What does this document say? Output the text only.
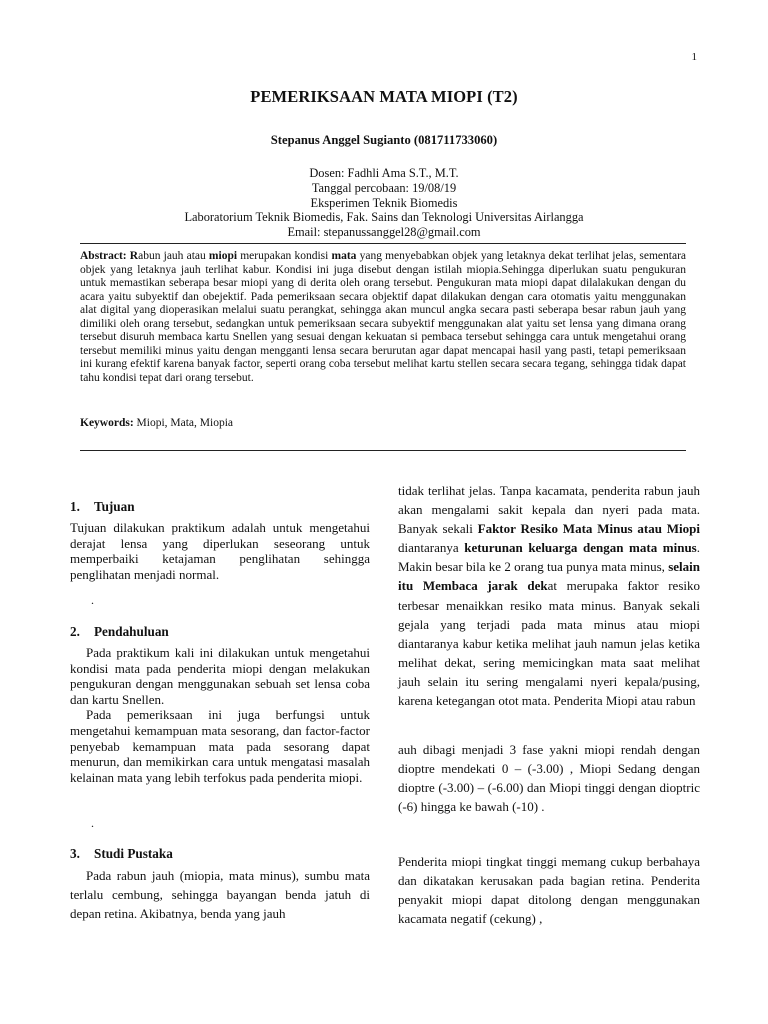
1
PEMERIKSAAN MATA MIOPI (T2)
Stepanus Anggel Sugianto (081711733060)
Dosen: Fadhli Ama S.T., M.T.
Tanggal percobaan: 19/08/19
Eksperimen Teknik Biomedis
Laboratorium Teknik Biomedis, Fak. Sains dan Teknologi Universitas Airlangga
Email: stepanussanggel28@gmail.com
Abstract: Rabun jauh atau miopi merupakan kondisi mata yang menyebabkan objek yang letaknya dekat terlihat jelas, sementara objek yang letaknya jauh terlihat kabur. Kondisi ini juga disebut dengan istilah miopia.Sehingga diperlukan suatu pengukuran untuk memastikan seberapa besar miopi yang di derita oleh orang tersebut. Pengukuran mata miopi dapat dilalakukan dengan du acara yaitu subyektif dan obejektif. Pada pemeriksaan secara objektif dapat dilakukan dengan cara otomatis yaitu menggunakan alat digital yang dioperasikan melalui suatu perangkat, sehingga akan muncul angka secara pasti seberapa besar rabun jauh yang dimiliki oleh orang tersebut, sedangkan untuk pemeriksaan secara subyektif menggunakan alat yaitu set lensa yang dimana orang tersebut disuruh membaca kartu Snellen yang sesuai dengan kekuatan si pembaca tersebut sehingga cara untuk mengetahui orang tersebut memiliki minus yaitu dengan mengganti lensa secara berurutan agar dapat mencapai hasil yang pasti, tetapi pemeriksaan ini kurang efektif karena banyak factor, seperti orang coba tersebut melihat kartu stellen secara secara tegang, sehingga tidak dapat tahu kondisi tepat dari orang tersebut.
Keywords: Miopi, Mata, Miopia
1. Tujuan

Tujuan dilakukan praktikum adalah untuk mengetahui derajat lensa yang diperlukan seseorang untuk memperbaiki ketajaman penglihatan sehingga penglihatan menjadi normal.

.
2. Pendahuluan

Pada praktikum kali ini dilakukan untuk mengetahui kondisi mata pada penderita miopi dengan melakukan pengukuran dengan menggunakan sebuah set lensa coba dan kartu Snellen.

Pada pemeriksaan ini juga berfungsi untuk mengetahui kemampuan mata sesorang, dan factor-factor penyebab kemampuan mata pada sesorang dapat menurun, dan memikirkan cara untuk mengatasi masalah kelainan mata yang lebih terfokus pada penderita miopi.

.
3. Studi Pustaka

Pada rabun jauh (miopia, mata minus), sumbu mata terlalu cembung, sehingga bayangan benda jatuh di depan retina. Akibatnya, benda yang jauh

tidak terlihat jelas. Tanpa kacamata, penderita rabun jauh akan mengalami sakit kepala dan nyeri pada mata. Banyak sekali Faktor Resiko Mata Minus atau Miopi diantaranya keturunan keluarga dengan mata minus. Makin besar bila ke 2 orang tua punya mata minus, selain itu Membaca jarak dekat merupaka faktor resiko terbesar menaikkan resiko mata minus. Banyak sekali gejala yang terjadi pada mata minus atau miopi diantaranya kabur ketika melihat jauh namun jelas ketika melihat dekat, sering memicingkan mata saat melihat jauh selain itu sering mengalami nyeri kepala/pusing, karena ketegangan otot mata. Penderita Miopi atau rabun

auh dibagi menjadi 3 fase yakni miopi rendah dengan dioptre mendekati 0 – (-3.00) , Miopi Sedang dengan dioptre (-3.00) – (-6.00) dan Miopi tinggi dengan dioptric (-6) hingga ke bawah (-10) .

Penderita miopi tingkat tinggi memang cukup berbahaya dan dikatakan kerusakan pada bagian retina. Penderita penyakit miopi dapat ditolong dengan menggunakan kacamata negatif (cekung) ,
